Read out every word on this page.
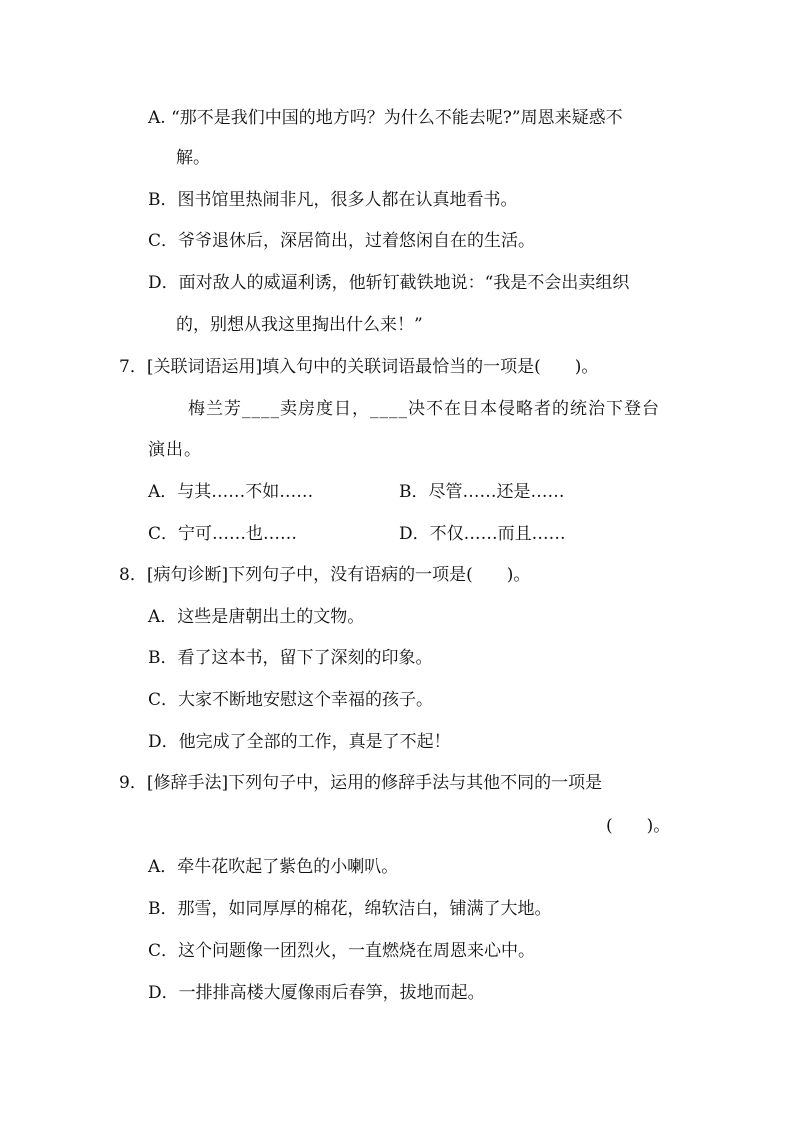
A. “那不是我们中国的地方吗？为什么不能去呢?”周恩来疑惑不
解。
B．图书馆里热闹非凡，很多人都在认真地看书。
C．爷爷退休后，深居简出，过着悠闲自在的生活。
D．面对敌人的威逼利诱，他斩钉截铁地说：“我是不会出卖组织
的，别想从我这里掏出什么来！”
7．[关联词语运用]填入句中的关联词语最恰当的一项是(　　)。
梅兰芳____卖房度日，____决不在日本侵略者的统治下登台
演出。
A．与其……不如……	B．尽管……还是……
C．宁可……也……	D．不仅……而且……
8．[病句诊断]下列句子中，没有语病的一项是(　　)。
A．这些是唐朝出土的文物。
B．看了这本书，留下了深刻的印象。
C．大家不断地安慰这个幸福的孩子。
D．他完成了全部的工作，真是了不起！
9．[修辞手法]下列句子中，运用的修辞手法与其他不同的一项是
(　　)。
A．牵牛花吹起了紫色的小喇叭。
B．那雪，如同厚厚的棉花，绵软洁白，铺满了大地。
C．这个问题像一团烈火，一直燃烧在周恩来心中。
D．一排排高楼大厦像雨后春笋，拔地而起。
